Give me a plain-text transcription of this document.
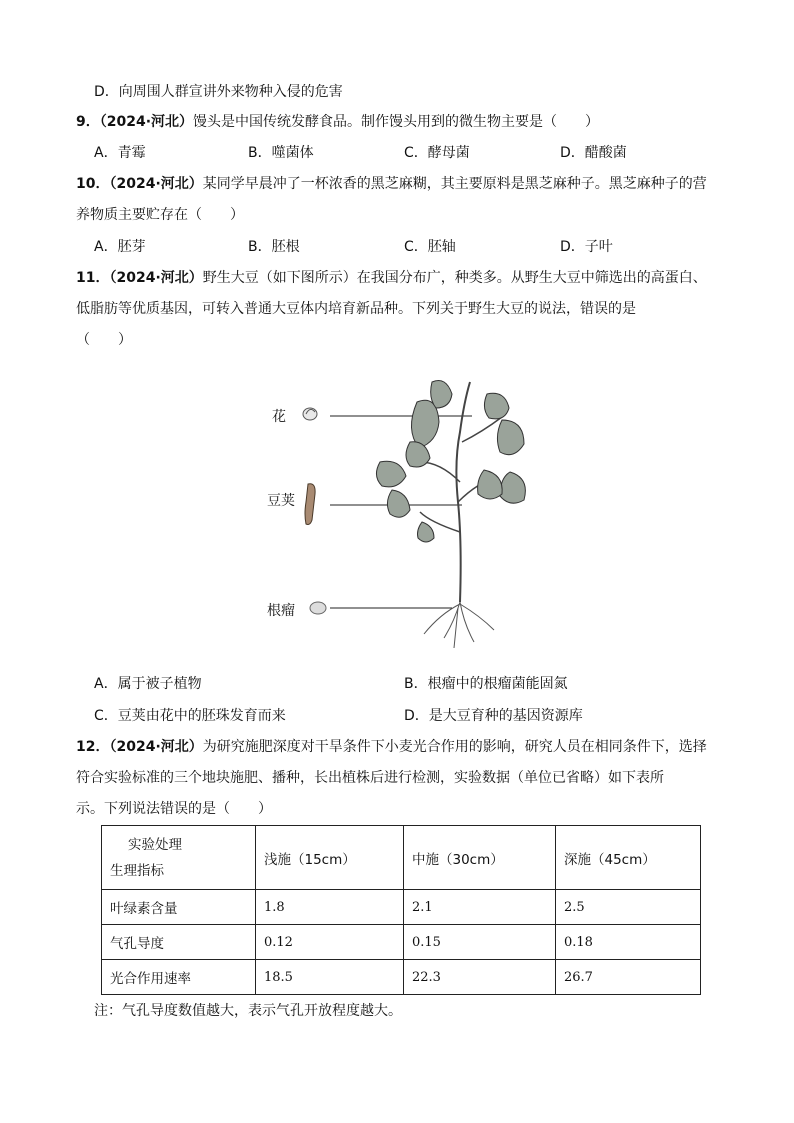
D．向周围人群宣讲外来物种入侵的危害
9．（2024·河北）馒头是中国传统发酵食品。制作馒头用到的微生物主要是（　　）
A．青霉	B．噬菌体	C．酵母菌	D．醋酸菌
10．（2024·河北）某同学早晨冲了一杯浓香的黑芝麻糊，其主要原料是黑芝麻种子。黑芝麻种子的营
养物质主要贮存在（　　）
A．胚芽	B．胚根	C．胚轴	D．子叶
11．（2024·河北）野生大豆（如下图所示）在我国分布广，种类多。从野生大豆中筛选出的高蛋白、
低脂肪等优质基因，可转入普通大豆体内培育新品种。下列关于野生大豆的说法，错误的是
（　　）
花
豆荚
根瘤
A．属于被子植物	B．根瘤中的根瘤菌能固氮
C．豆荚由花中的胚珠发育而来	D．是大豆育种的基因资源库
12．（2024·河北）为研究施肥深度对干旱条件下小麦光合作用的影响，研究人员在相同条件下，选择
符合实验标准的三个地块施肥、播种，长出植株后进行检测，实验数据（单位已省略）如下表所
示。下列说法错误的是（　　）
实验处理
生理指标	浅施（15cm）	中施（30cm）	深施（45cm）
叶绿素含量	1.8	2.1	2.5
气孔导度	0.12	0.15	0.18
光合作用速率	18.5	22.3	26.7
注：气孔导度数值越大，表示气孔开放程度越大。
